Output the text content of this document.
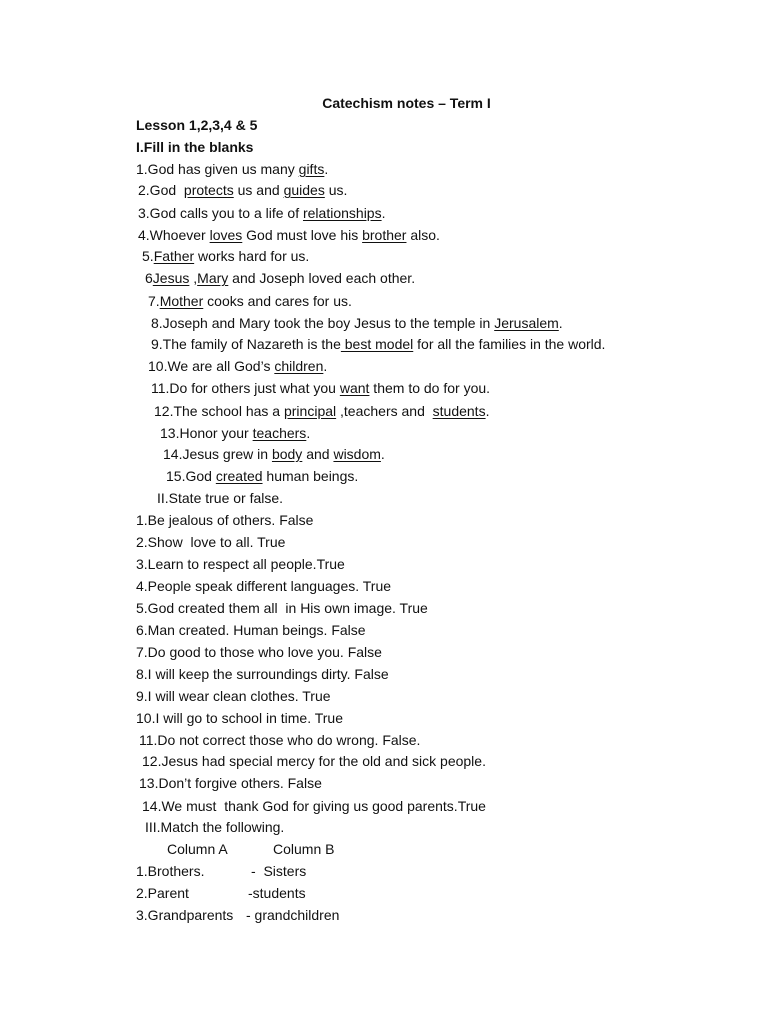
Catechism notes – Term I
Lesson 1,2,3,4 & 5
I.Fill in the blanks
1.God has given us many gifts.
2.God  protects us and guides us.
3.God calls you to a life of relationships.
4.Whoever loves God must love his brother also.
5.Father works hard for us.
6Jesus ,Mary and Joseph loved each other.
7.Mother cooks and cares for us.
8.Joseph and Mary took the boy Jesus to the temple in Jerusalem.
9.The family of Nazareth is the best model for all the families in the world.
10.We are all God’s children.
11.Do for others just what you want them to do for you.
12.The school has a principal ,teachers and  students.
13.Honor your teachers.
14.Jesus grew in body and wisdom.
15.God created human beings.
II.State true or false.
1.Be jealous of others. False
2.Show  love to all. True
3.Learn to respect all people.True
4.People speak different languages. True
5.God created them all  in His own image. True
6.Man created. Human beings. False
7.Do good to those who love you. False
8.I will keep the surroundings dirty. False
9.I will wear clean clothes. True
10.I will go to school in time. True
11.Do not correct those who do wrong. False.
12.Jesus had special mercy for the old and sick people.
13.Don’t forgive others. False
14.We must  thank God for giving us good parents.True
III.Match the following.
Column A	Column B
1.Brothers.	-  Sisters
2.Parent	-students
3.Grandparents - grandchildren
